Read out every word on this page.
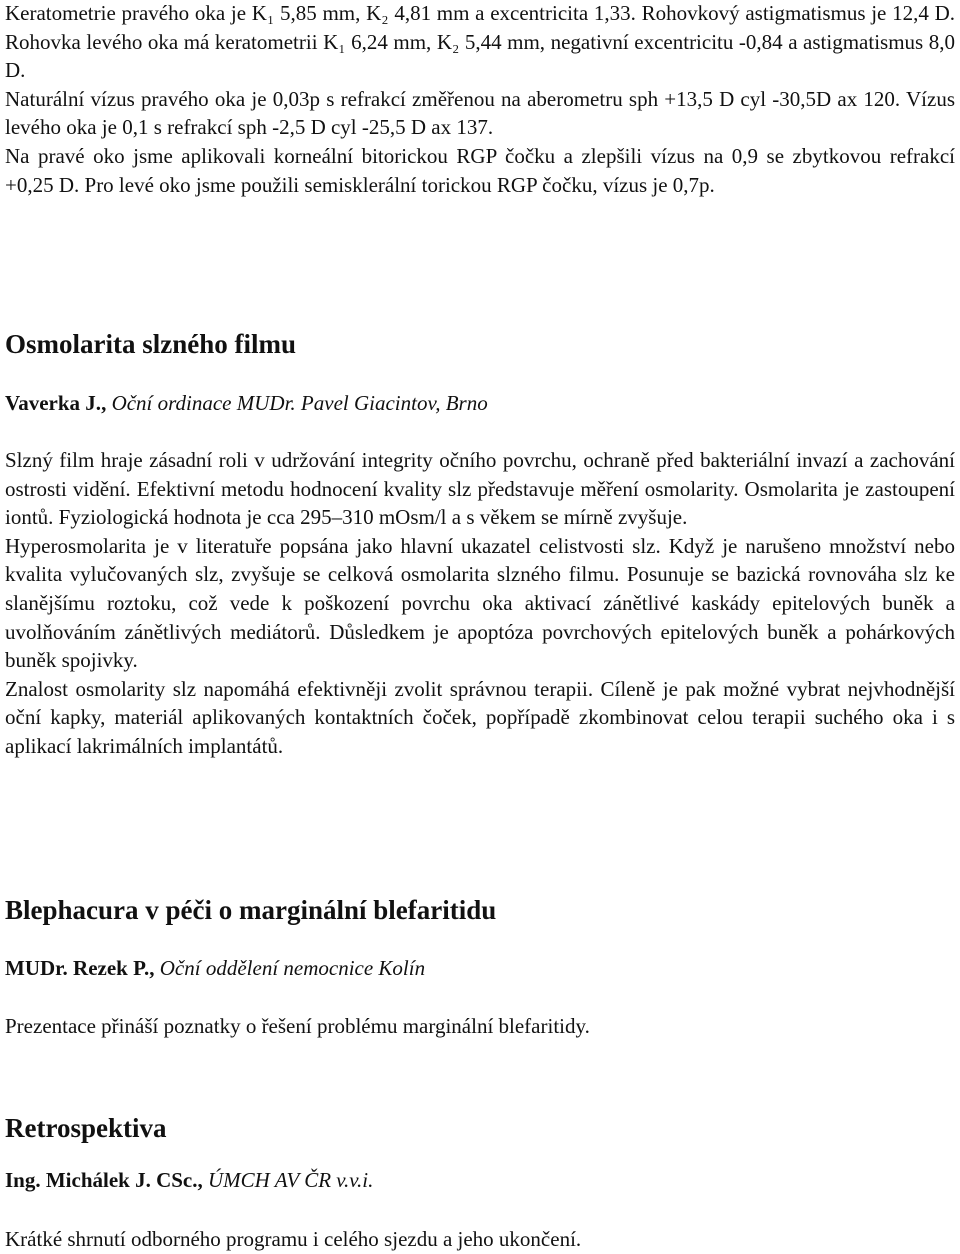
Keratometrie pravého oka je K₁ 5,85 mm, K₂ 4,81 mm a excentricita 1,33. Rohovkový astigmatismus je 12,4 D. Rohovka levého oka má keratometrii K₁ 6,24 mm, K₂ 5,44 mm, negativní excentricitu -0,84 a astigmatismus 8,0 D.

Naturální vízus pravého oka je 0,03p s refrakcí změřenou na aberometru sph +13,5 D cyl -30,5D ax 120. Vízus levého oka je 0,1 s refrakcí sph -2,5 D cyl -25,5 D ax 137.

Na pravé oko jsme aplikovali korneální bitorickou RGP čočku a zlepšili vízus na 0,9 se zbytkovou refrakcí +0,25 D. Pro levé oko jsme použili semisklerální torickou RGP čočku, vízus je 0,7p.

Osmolarita slzného filmu

Vaverka J., Oční ordinace MUDr. Pavel Giacintov, Brno

Slzný film hraje zásadní roli v udržování integrity očního povrchu, ochraně před bakteriální invazí a zachování ostrosti vidění. Efektivní metodu hodnocení kvality slz představuje měření osmolarity. Osmolarita je zastoupení iontů. Fyziologická hodnota je cca 295–310 mOsm/l a s věkem se mírně zvyšuje.

Hyperosmolarita je v literatuře popsána jako hlavní ukazatel celistvosti slz. Když je narušeno množství nebo kvalita vylučovaných slz, zvyšuje se celková osmolarita slzného filmu. Posunuje se bazická rovnováha slz ke slanějšímu roztoku, což vede k poškození povrchu oka aktivací zánětlivé kaskády epitelových buněk a uvolňováním zánětlivých mediátorů. Důsledkem je apoptóza povrchových epitelových buněk a pohárkových buněk spojivky.

Znalost osmolarity slz napomáhá efektivněji zvolit správnou terapii. Cíleně je pak možné vybrat nejvhodnější oční kapky, materiál aplikovaných kontaktních čoček, popřípadě zkombinovat celou terapii suchého oka i s aplikací lakrimálních implantátů.

Blephacura v péči o marginální blefaritidu

MUDr. Rezek P., Oční oddělení nemocnice Kolín

Prezentace přináší poznatky o řešení problému marginální blefaritidy.

Retrospektiva

Ing. Michálek J. CSc., ÚMCH AV ČR v.v.i.

Krátké shrnutí odborného programu i celého sjezdu a jeho ukončení.
